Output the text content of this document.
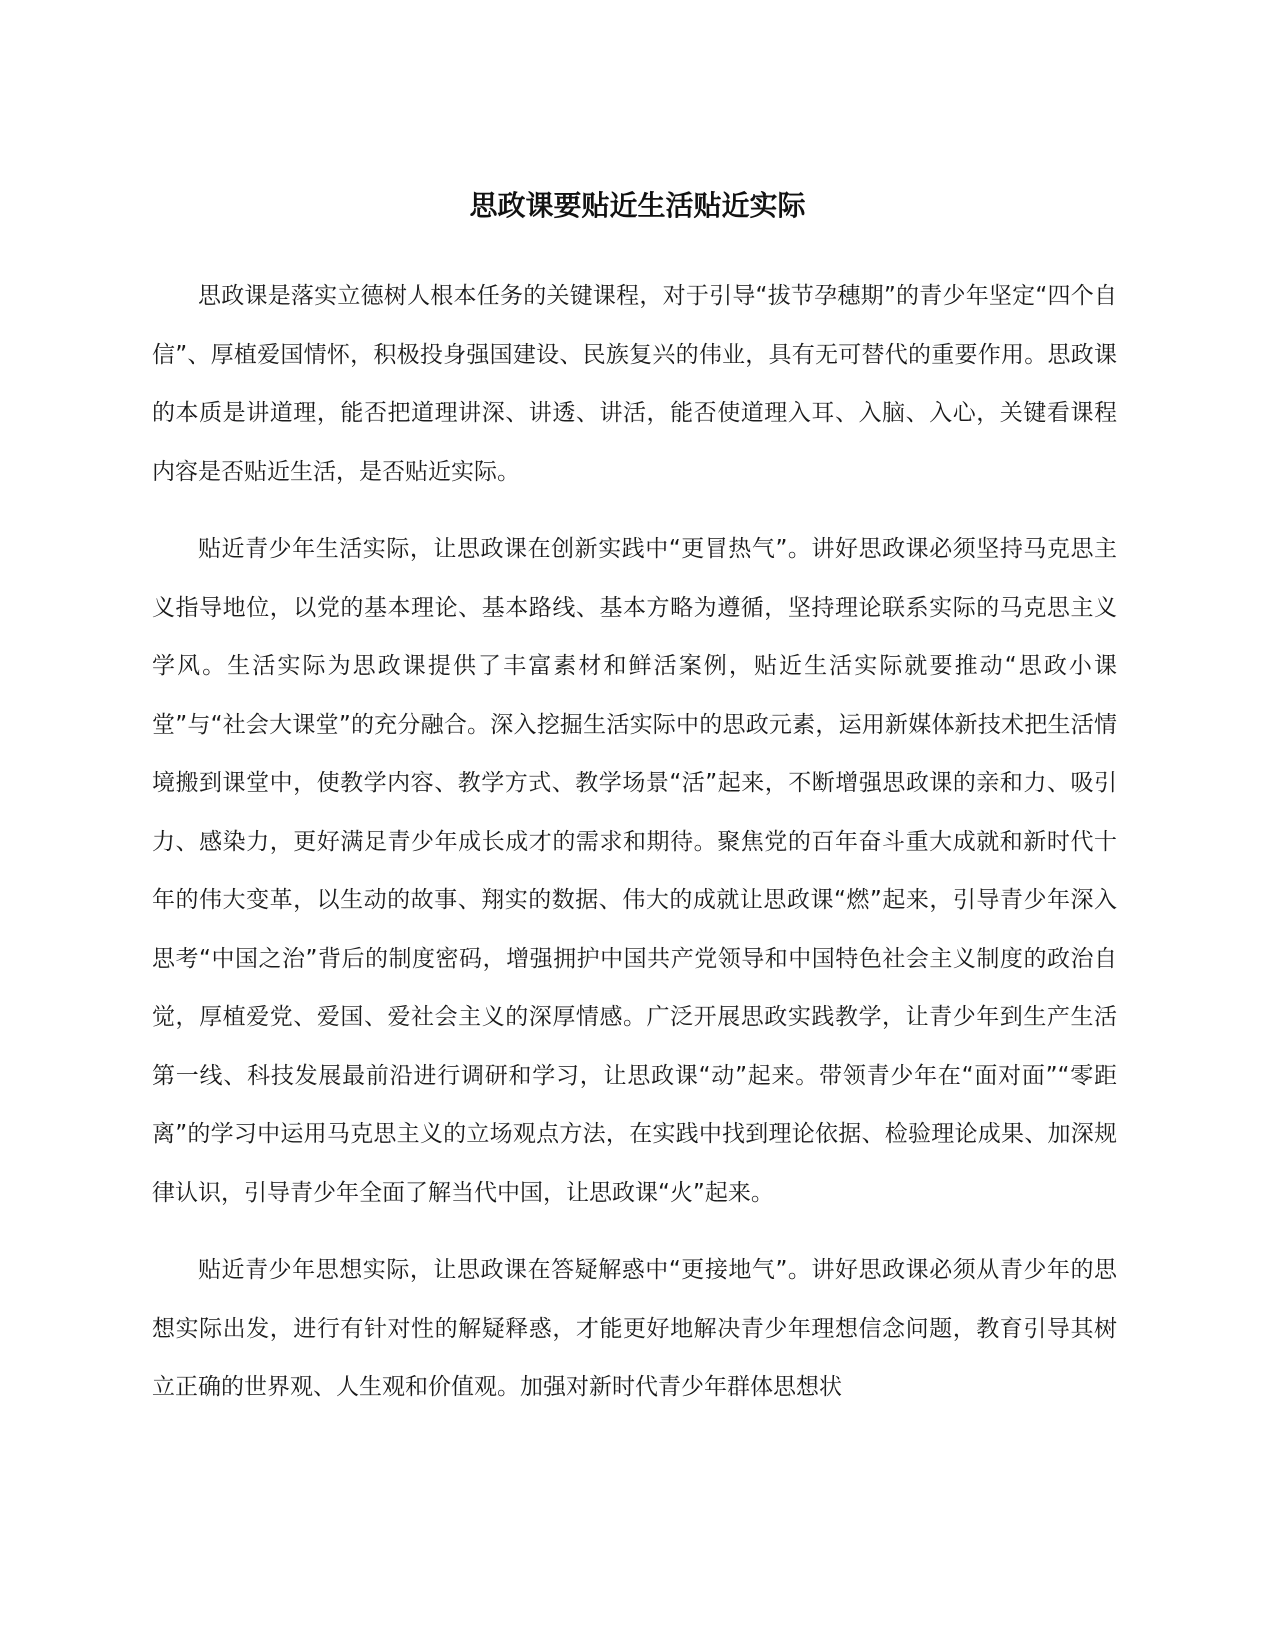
思政课要贴近生活贴近实际

思政课是落实立德树人根本任务的关键课程，对于引导“拔节孕穗期”的青少年坚定“四个自信”、厚植爱国情怀，积极投身强国建设、民族复兴的伟业，具有无可替代的重要作用。思政课的本质是讲道理，能否把道理讲深、讲透、讲活，能否使道理入耳、入脑、入心，关键看课程内容是否贴近生活，是否贴近实际。

贴近青少年生活实际，让思政课在创新实践中“更冒热气”。讲好思政课必须坚持马克思主义指导地位，以党的基本理论、基本路线、基本方略为遵循，坚持理论联系实际的马克思主义学风。生活实际为思政课提供了丰富素材和鲜活案例，贴近生活实际就要推动“思政小课堂”与“社会大课堂”的充分融合。深入挖掘生活实际中的思政元素，运用新媒体新技术把生活情境搬到课堂中，使教学内容、教学方式、教学场景“活”起来，不断增强思政课的亲和力、吸引力、感染力，更好满足青少年成长成才的需求和期待。聚焦党的百年奋斗重大成就和新时代十年的伟大变革，以生动的故事、翔实的数据、伟大的成就让思政课“燃”起来，引导青少年深入思考“中国之治”背后的制度密码，增强拥护中国共产党领导和中国特色社会主义制度的政治自觉，厚植爱党、爱国、爱社会主义的深厚情感。广泛开展思政实践教学，让青少年到生产生活第一线、科技发展最前沿进行调研和学习，让思政课“动”起来。带领青少年在“面对面”“零距离”的学习中运用马克思主义的立场观点方法，在实践中找到理论依据、检验理论成果、加深规律认识，引导青少年全面了解当代中国，让思政课“火”起来。

贴近青少年思想实际，让思政课在答疑解惑中“更接地气”。讲好思政课必须从青少年的思想实际出发，进行有针对性的解疑释惑，才能更好地解决青少年理想信念问题，教育引导其树立正确的世界观、人生观和价值观。加强对新时代青少年群体思想状
